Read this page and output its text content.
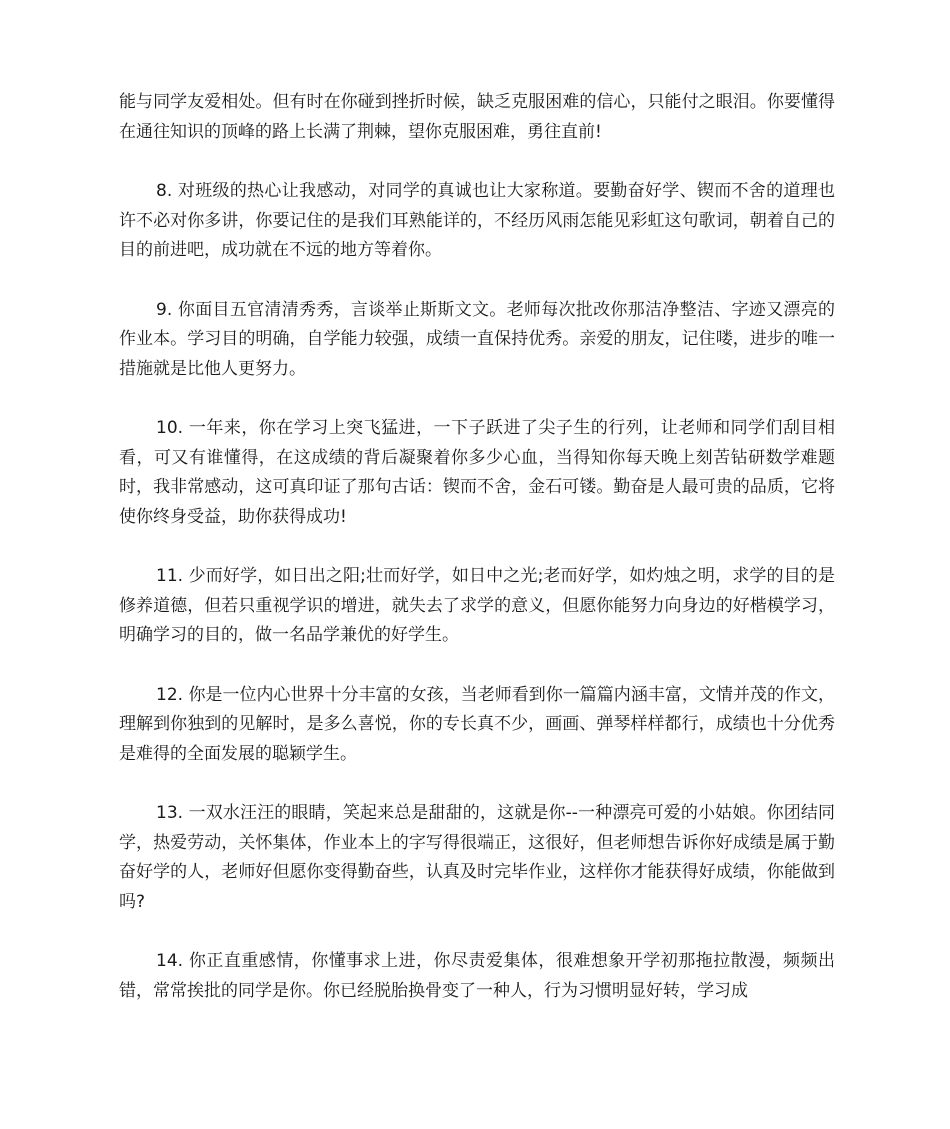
能与同学友爱相处。但有时在你碰到挫折时候，缺乏克服困难的信心，只能付之眼泪。你要懂得在通往知识的顶峰的路上长满了荆棘，望你克服困难，勇往直前!

8. 对班级的热心让我感动，对同学的真诚也让大家称道。要勤奋好学、锲而不舍的道理也许不必对你多讲，你要记住的是我们耳熟能详的，不经历风雨怎能见彩虹这句歌词，朝着自己的目的前进吧，成功就在不远的地方等着你。

9. 你面目五官清清秀秀，言谈举止斯斯文文。老师每次批改你那洁净整洁、字迹又漂亮的作业本。学习目的明确，自学能力较强，成绩一直保持优秀。亲爱的朋友，记住喽，进步的唯一措施就是比他人更努力。

10. 一年来，你在学习上突飞猛进，一下子跃进了尖子生的行列，让老师和同学们刮目相看，可又有谁懂得，在这成绩的背后凝聚着你多少心血，当得知你每天晚上刻苦钻研数学难题时，我非常感动，这可真印证了那句古话：锲而不舍，金石可镂。勤奋是人最可贵的品质，它将使你终身受益，助你获得成功!

11. 少而好学，如日出之阳;壮而好学，如日中之光;老而好学，如灼烛之明，求学的目的是修养道德，但若只重视学识的增进，就失去了求学的意义，但愿你能努力向身边的好楷模学习，明确学习的目的，做一名品学兼优的好学生。

12. 你是一位内心世界十分丰富的女孩，当老师看到你一篇篇内涵丰富，文情并茂的作文，理解到你独到的见解时，是多么喜悦，你的专长真不少，画画、弹琴样样都行，成绩也十分优秀是难得的全面发展的聪颖学生。

13. 一双水汪汪的眼睛，笑起来总是甜甜的，这就是你--一种漂亮可爱的小姑娘。你团结同学，热爱劳动，关怀集体，作业本上的字写得很端正，这很好，但老师想告诉你好成绩是属于勤奋好学的人，老师好但愿你变得勤奋些，认真及时完毕作业，这样你才能获得好成绩，你能做到吗?

14. 你正直重感情，你懂事求上进，你尽责爱集体，很难想象开学初那拖拉散漫，频频出错，常常挨批的同学是你。你已经脱胎换骨变了一种人，行为习惯明显好转，学习成
